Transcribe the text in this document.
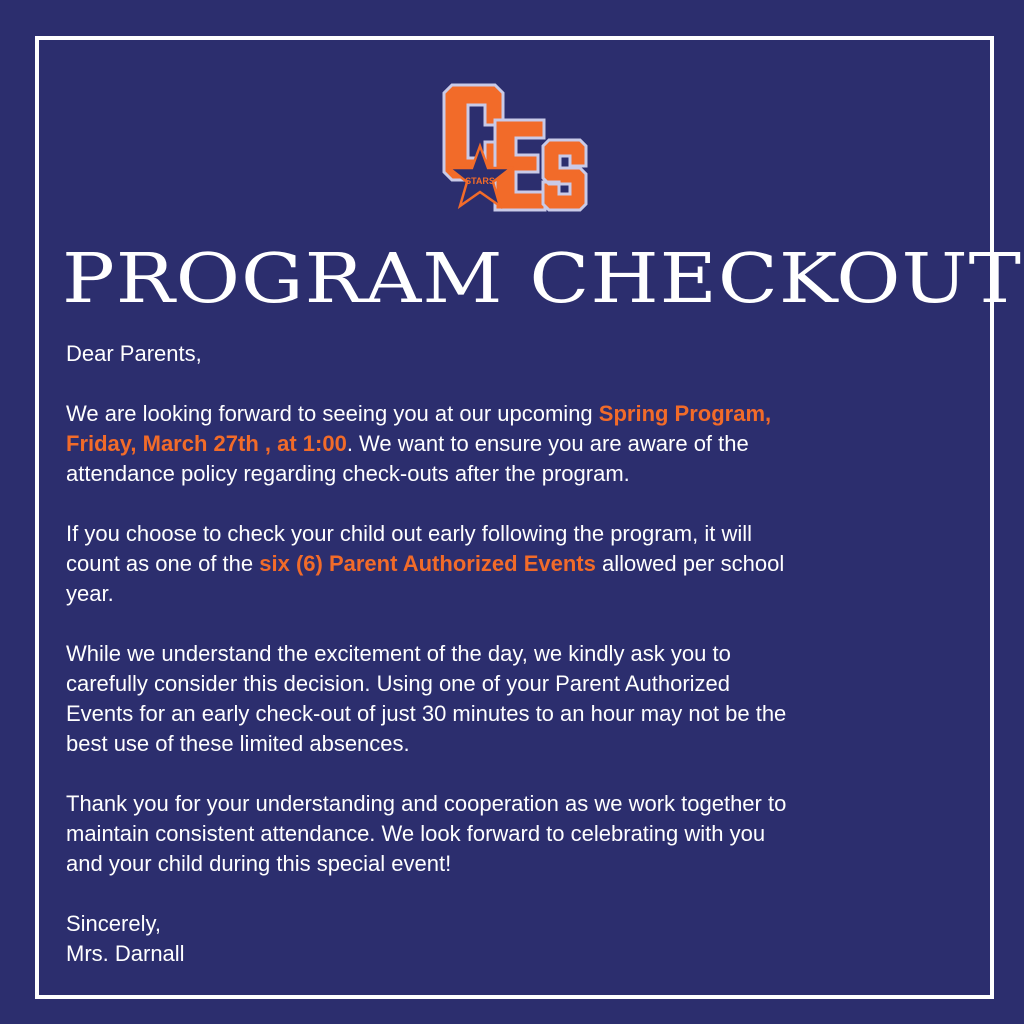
STARS
PROGRAM CHECKOUT

Dear Parents,

We are looking forward to seeing you at our upcoming Spring Program,
Friday, March 27th , at 1:00. We want to ensure you are aware of the
attendance policy regarding check-outs after the program.

If you choose to check your child out early following the program, it will
count as one of the six (6) Parent Authorized Events allowed per school
year.

While we understand the excitement of the day, we kindly ask you to
carefully consider this decision. Using one of your Parent Authorized
Events for an early check-out of just 30 minutes to an hour may not be the
best use of these limited absences.

Thank you for your understanding and cooperation as we work together to
maintain consistent attendance. We look forward to celebrating with you
and your child during this special event!

Sincerely,
Mrs. Darnall
